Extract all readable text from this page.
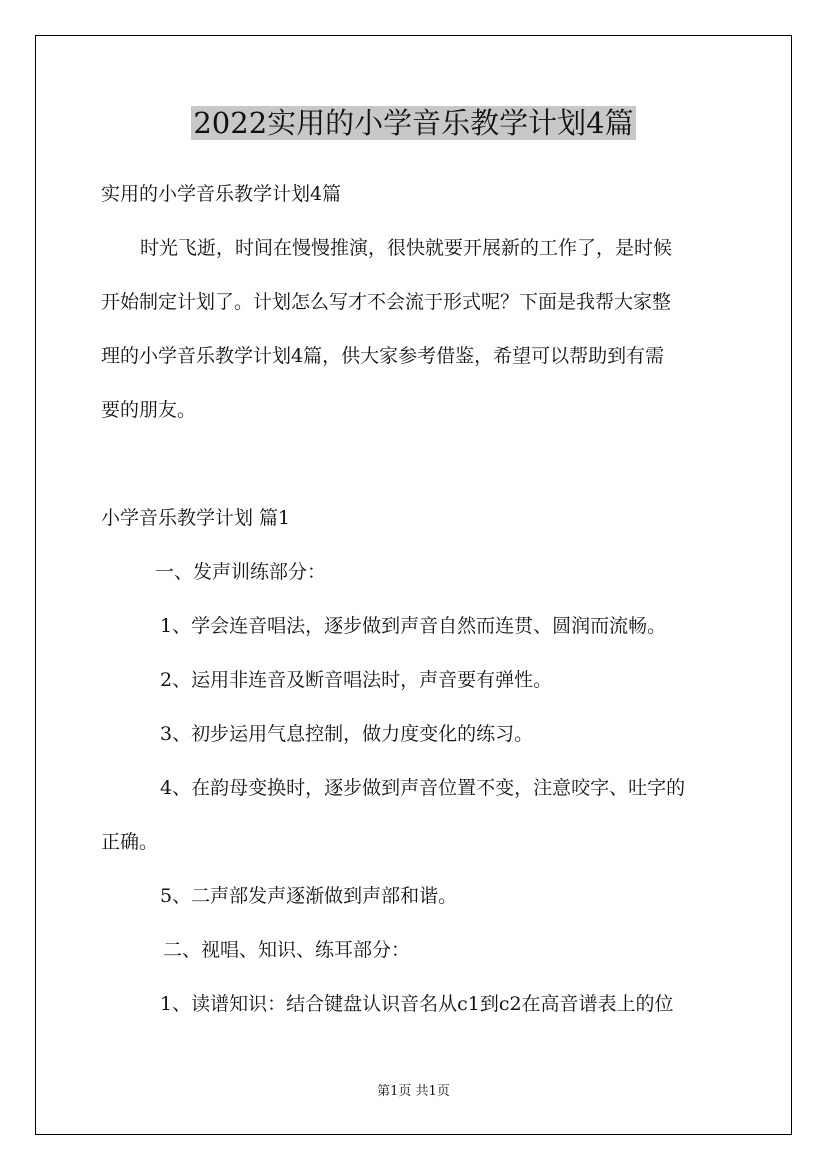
2022实用的小学音乐教学计划4篇
实用的小学音乐教学计划4篇
时光飞逝，时间在慢慢推演，很快就要开展新的工作了，是时候
开始制定计划了。计划怎么写才不会流于形式呢？下面是我帮大家整
理的小学音乐教学计划4篇，供大家参考借鉴，希望可以帮助到有需
要的朋友。
小学音乐教学计划 篇1
一、发声训练部分：
1、学会连音唱法，逐步做到声音自然而连贯、圆润而流畅。
2、运用非连音及断音唱法时，声音要有弹性。
3、初步运用气息控制，做力度变化的练习。
4、在韵母变换时，逐步做到声音位置不变，注意咬字、吐字的
正确。
5、二声部发声逐渐做到声部和谐。
二、视唱、知识、练耳部分：
1、读谱知识：结合键盘认识音名从c1到c2在高音谱表上的位
第1页 共1页
